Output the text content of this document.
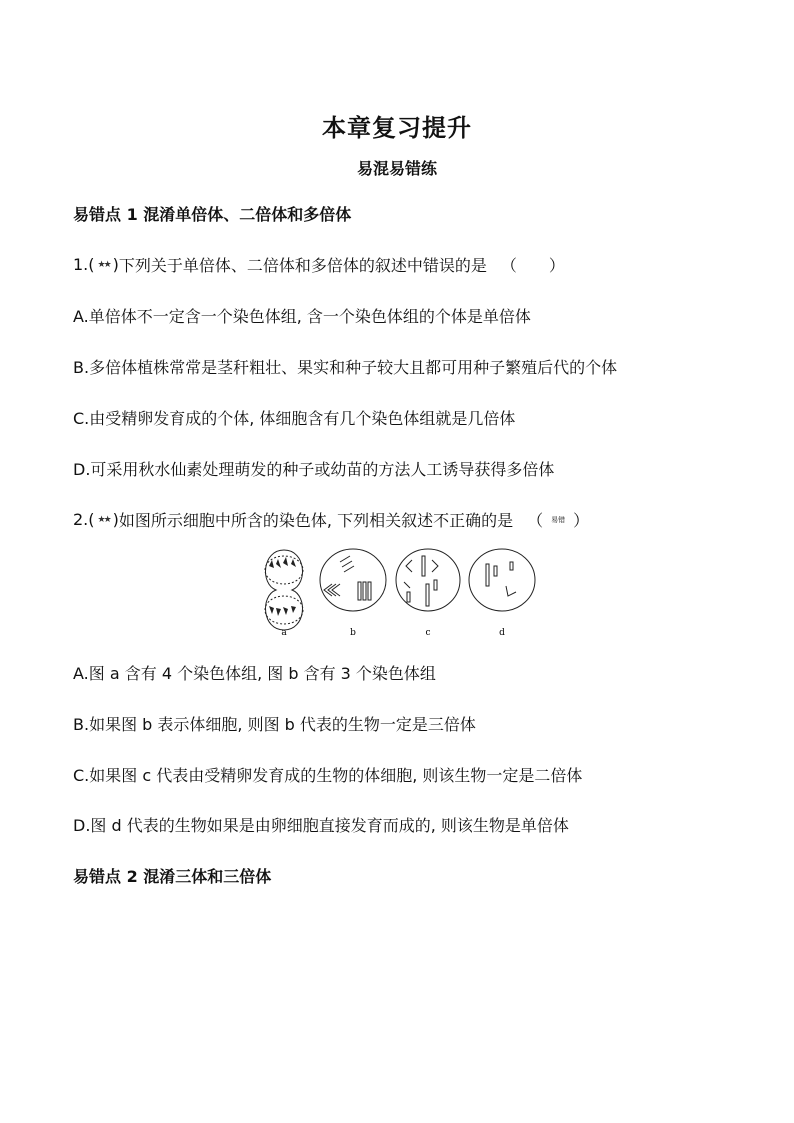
本章复习提升
易混易错练
易错点 1 混淆单倍体、二倍体和多倍体
1. ( ★★ ) 下列关于单倍体、二倍体和多倍体的叙述中错误的是 （　　）
A.单倍体不一定含一个染色体组, 含一个染色体组的个体是单倍体
B.多倍体植株常常是茎秆粗壮、果实和种子较大且都可用种子繁殖后代的个体
C.由受精卵发育成的个体, 体细胞含有几个染色体组就是几倍体
D.可采用秋水仙素处理萌发的种子或幼苗的方法人工诱导获得多倍体
2. ( ★★ ) 如图所示细胞中所含的染色体, 下列相关叙述不正确的是 （ 易错 ）
a	b	c	d
A.图 a 含有 4 个染色体组, 图 b 含有 3 个染色体组
B.如果图 b 表示体细胞, 则图 b 代表的生物一定是三倍体
C.如果图 c 代表由受精卵发育成的生物的体细胞, 则该生物一定是二倍体
D.图 d 代表的生物如果是由卵细胞直接发育而成的, 则该生物是单倍体
易错点 2 混淆三体和三倍体
